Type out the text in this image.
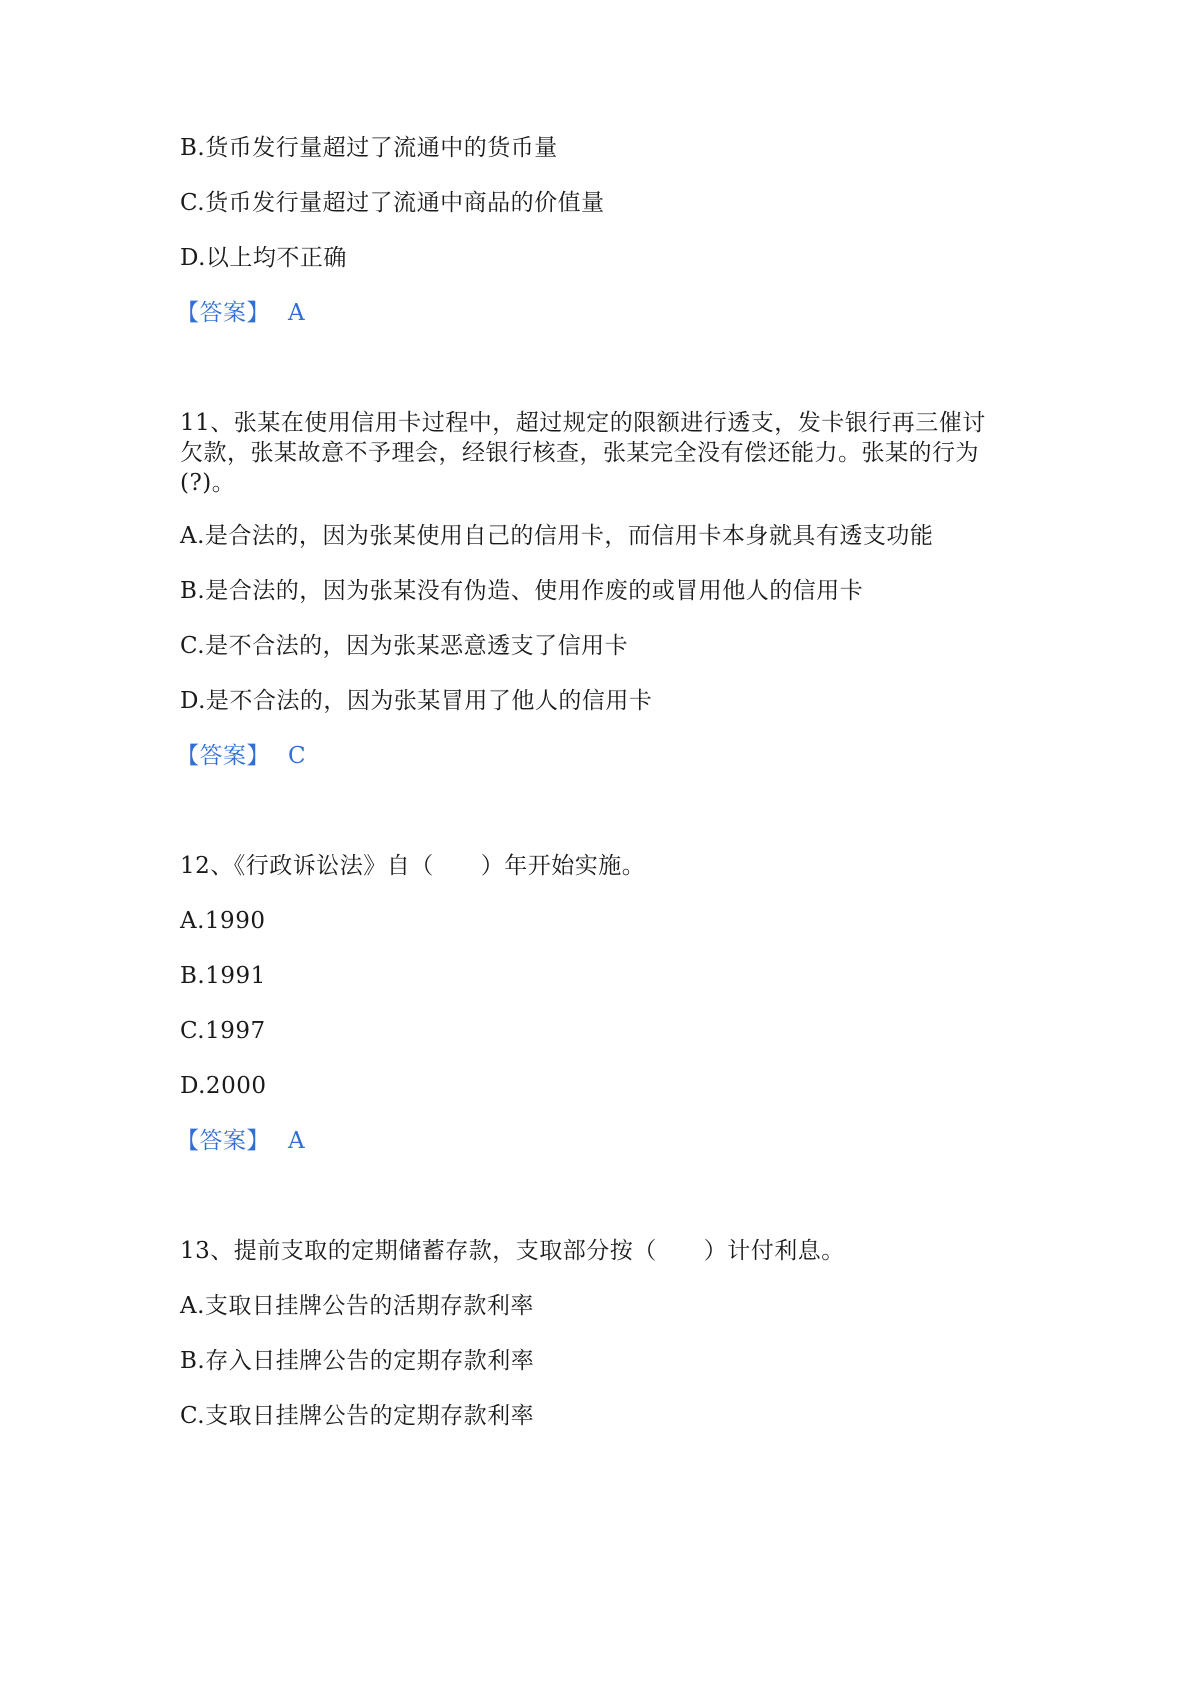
B.货币发行量超过了流通中的货币量
C.货币发行量超过了流通中商品的价值量
D.以上均不正确
【答案】 A
11、张某在使用信用卡过程中，超过规定的限额进行透支，发卡银行再三催讨
欠款，张某故意不予理会，经银行核查，张某完全没有偿还能力。张某的行为
(?)。
A.是合法的，因为张某使用自己的信用卡，而信用卡本身就具有透支功能
B.是合法的，因为张某没有伪造、使用作废的或冒用他人的信用卡
C.是不合法的，因为张某恶意透支了信用卡
D.是不合法的，因为张某冒用了他人的信用卡
【答案】 C
12、《行政诉讼法》自（　　）年开始实施。
A.1990
B.1991
C.1997
D.2000
【答案】 A
13、提前支取的定期储蓄存款，支取部分按（　　）计付利息。
A.支取日挂牌公告的活期存款利率
B.存入日挂牌公告的定期存款利率
C.支取日挂牌公告的定期存款利率
